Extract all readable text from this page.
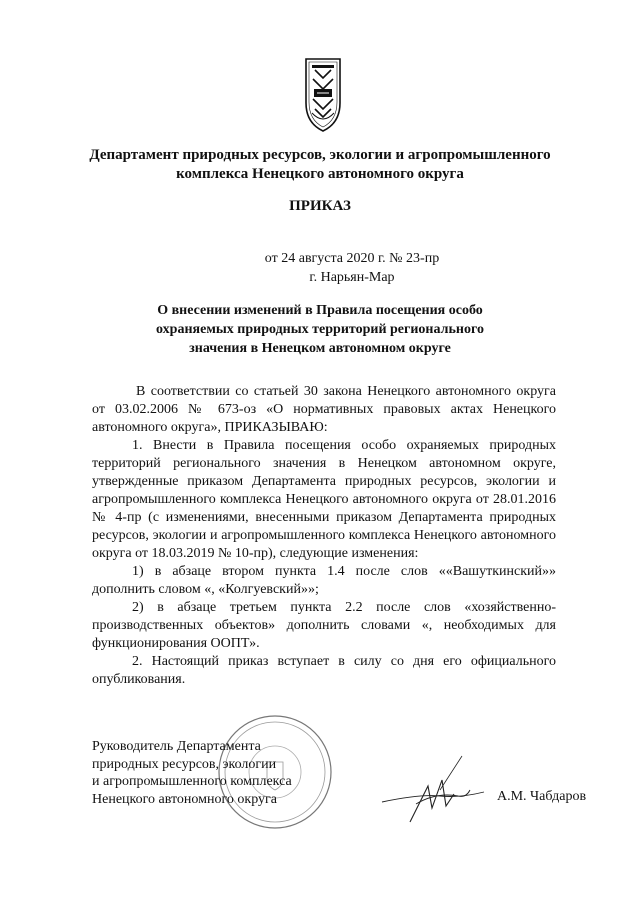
Департамент природных ресурсов, экологии и агропромышленного
комплекса Ненецкого автономного округа
ПРИКАЗ
от 24 августа 2020 г. № 23-пр
г. Нарьян-Мар
О внесении изменений в Правила посещения особо
охраняемых природных территорий регионального
значения в Ненецком автономном округе

В соответствии со статьей 30 закона Ненецкого автономного округа от 03.02.2006 № 673-оз «О нормативных правовых актах Ненецкого автономного округа», ПРИКАЗЫВАЮ:

1. Внести в Правила посещения особо охраняемых природных территорий регионального значения в Ненецком автономном округе, утвержденные приказом Департамента природных ресурсов, экологии и агропромышленного комплекса Ненецкого автономного округа от 28.01.2016 № 4-пр (с изменениями, внесенными приказом Департамента природных ресурсов, экологии и агропромышленного комплекса Ненецкого автономного округа от 18.03.2019 № 10-пр), следующие изменения:

1) в абзаце втором пункта 1.4 после слов ««Вашуткинский»» дополнить словом «, «Колгуевский»»;

2) в абзаце третьем пункта 2.2 после слов «хозяйственно-производственных объектов» дополнить словами «, необходимых для функционирования ООПТ».

2. Настоящий приказ вступает в силу со дня его официального опубликования.

Руководитель Департамента
природных ресурсов, экологии
и агропромышленного комплекса
Ненецкого автономного округа	А.М. Чабдаров
